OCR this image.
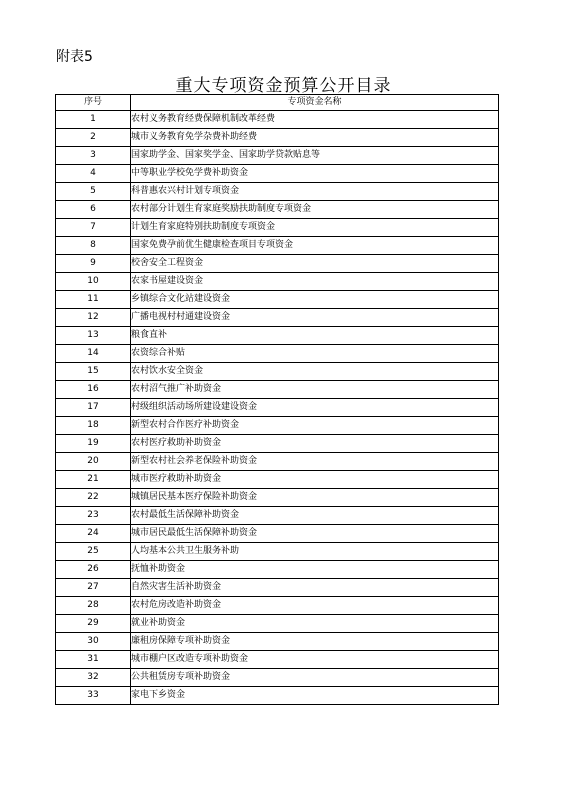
附表5
重大专项资金预算公开目录
序号	专项资金名称
1	农村义务教育经费保障机制改革经费
2	城市义务教育免学杂费补助经费
3	国家助学金、国家奖学金、国家助学贷款贴息等
4	中等职业学校免学费补助资金
5	科普惠农兴村计划专项资金
6	农村部分计划生育家庭奖励扶助制度专项资金
7	计划生育家庭特别扶助制度专项资金
8	国家免费孕前优生健康检查项目专项资金
9	校舍安全工程资金
10	农家书屋建设资金
11	乡镇综合文化站建设资金
12	广播电视村村通建设资金
13	粮食直补
14	农资综合补贴
15	农村饮水安全资金
16	农村沼气推广补助资金
17	村级组织活动场所建设建设资金
18	新型农村合作医疗补助资金
19	农村医疗救助补助资金
20	新型农村社会养老保险补助资金
21	城市医疗救助补助资金
22	城镇居民基本医疗保险补助资金
23	农村最低生活保障补助资金
24	城市居民最低生活保障补助资金
25	人均基本公共卫生服务补助
26	抚恤补助资金
27	自然灾害生活补助资金
28	农村危房改造补助资金
29	就业补助资金
30	廉租房保障专项补助资金
31	城市棚户区改造专项补助资金
32	公共租赁房专项补助资金
33	家电下乡资金
